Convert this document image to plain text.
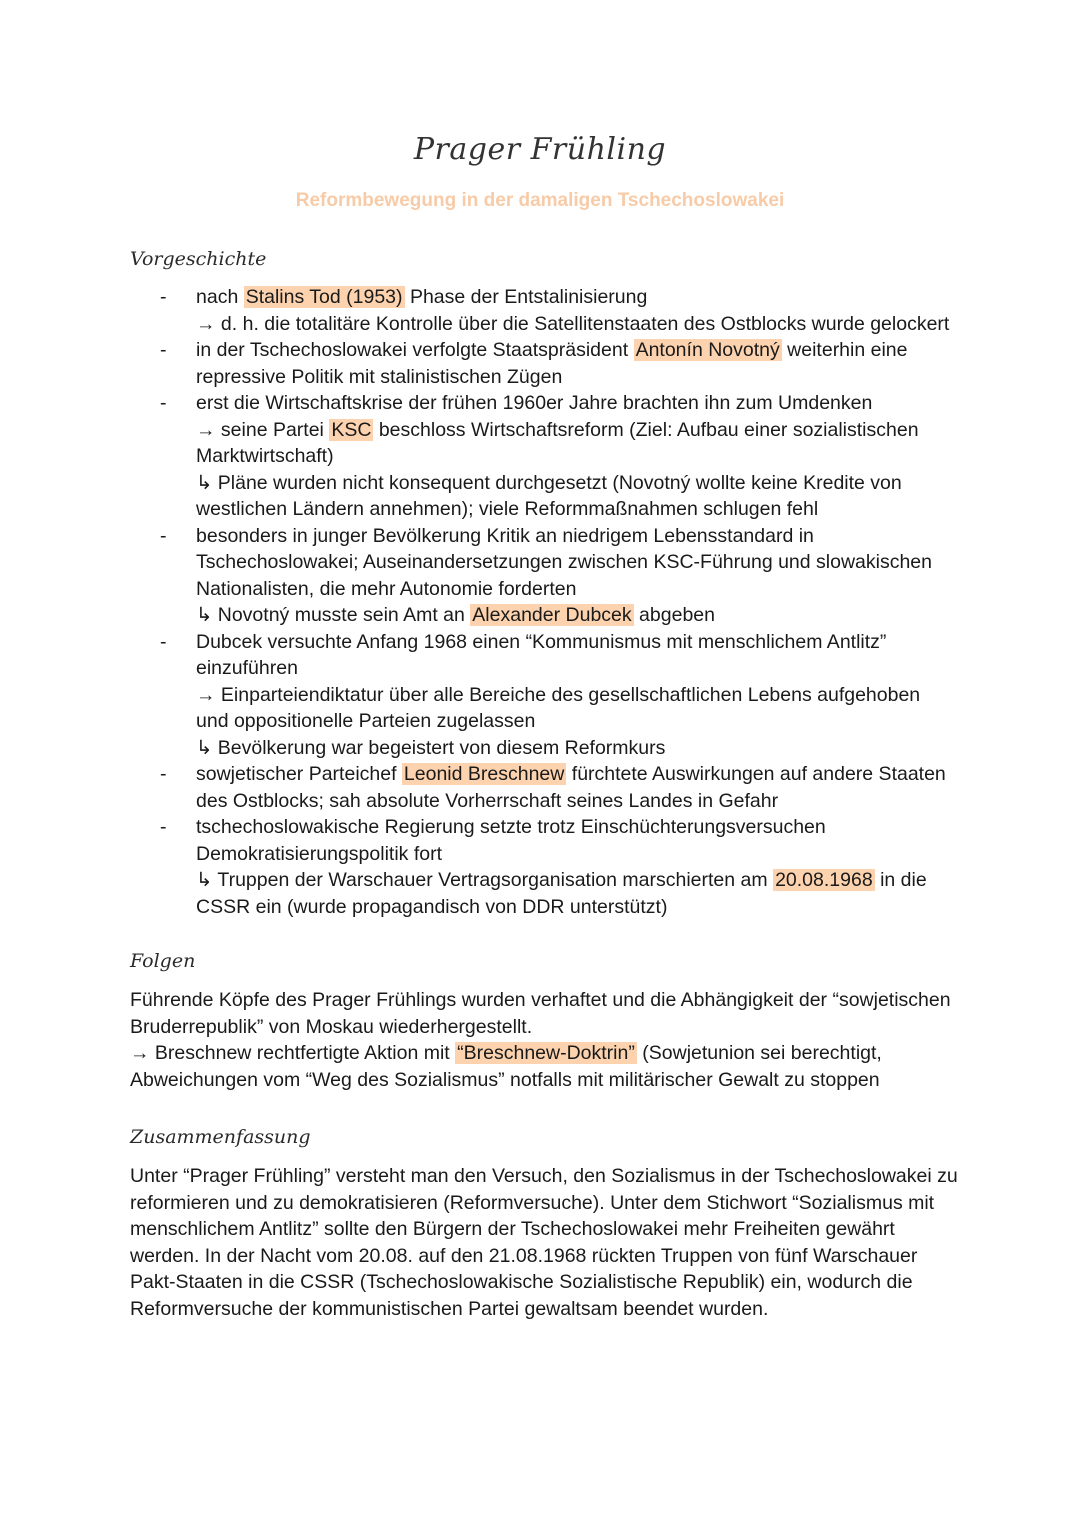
Prager Frühling
Reformbewegung in der damaligen Tschechoslowakei
Vorgeschichte
- nach Stalins Tod (1953) Phase der Entstalinisierung
→ d. h. die totalitäre Kontrolle über die Satellitenstaaten des Ostblocks wurde gelockert
- in der Tschechoslowakei verfolgte Staatspräsident Antonín Novotný weiterhin eine repressive Politik mit stalinistischen Zügen
- erst die Wirtschaftskrise der frühen 1960er Jahre brachten ihn zum Umdenken
→ seine Partei KSC beschloss Wirtschaftsreform (Ziel: Aufbau einer sozialistischen Marktwirtschaft)
↳ Pläne wurden nicht konsequent durchgesetzt (Novotný wollte keine Kredite von westlichen Ländern annehmen); viele Reformmaßnahmen schlugen fehl
- besonders in junger Bevölkerung Kritik an niedrigem Lebensstandard in Tschechoslowakei; Auseinandersetzungen zwischen KSC-Führung und slowakischen Nationalisten, die mehr Autonomie forderten
↳ Novotný musste sein Amt an Alexander Dubcek abgeben
- Dubcek versuchte Anfang 1968 einen “Kommunismus mit menschlichem Antlitz” einzuführen
→ Einparteiendiktatur über alle Bereiche des gesellschaftlichen Lebens aufgehoben und oppositionelle Parteien zugelassen
↳ Bevölkerung war begeistert von diesem Reformkurs
- sowjetischer Parteichef Leonid Breschnew fürchtete Auswirkungen auf andere Staaten des Ostblocks; sah absolute Vorherrschaft seines Landes in Gefahr
- tschechoslowakische Regierung setzte trotz Einschüchterungsversuchen Demokratisierungspolitik fort
↳ Truppen der Warschauer Vertragsorganisation marschierten am 20.08.1968 in die CSSR ein (wurde propagandisch von DDR unterstützt)
Folgen

Führende Köpfe des Prager Frühlings wurden verhaftet und die Abhängigkeit der “sowjetischen Bruderrepublik” von Moskau wiederhergestellt.

→ Breschnew rechtfertigte Aktion mit “Breschnew-Doktrin” (Sowjetunion sei berechtigt, Abweichungen vom “Weg des Sozialismus” notfalls mit militärischer Gewalt zu stoppen

Zusammenfassung

Unter “Prager Frühling” versteht man den Versuch, den Sozialismus in der Tschechoslowakei zu reformieren und zu demokratisieren (Reformversuche). Unter dem Stichwort “Sozialismus mit menschlichem Antlitz” sollte den Bürgern der Tschechoslowakei mehr Freiheiten gewährt werden. In der Nacht vom 20.08. auf den 21.08.1968 rückten Truppen von fünf Warschauer Pakt-Staaten in die CSSR (Tschechoslowakische Sozialistische Republik) ein, wodurch die Reformversuche der kommunistischen Partei gewaltsam beendet wurden.
